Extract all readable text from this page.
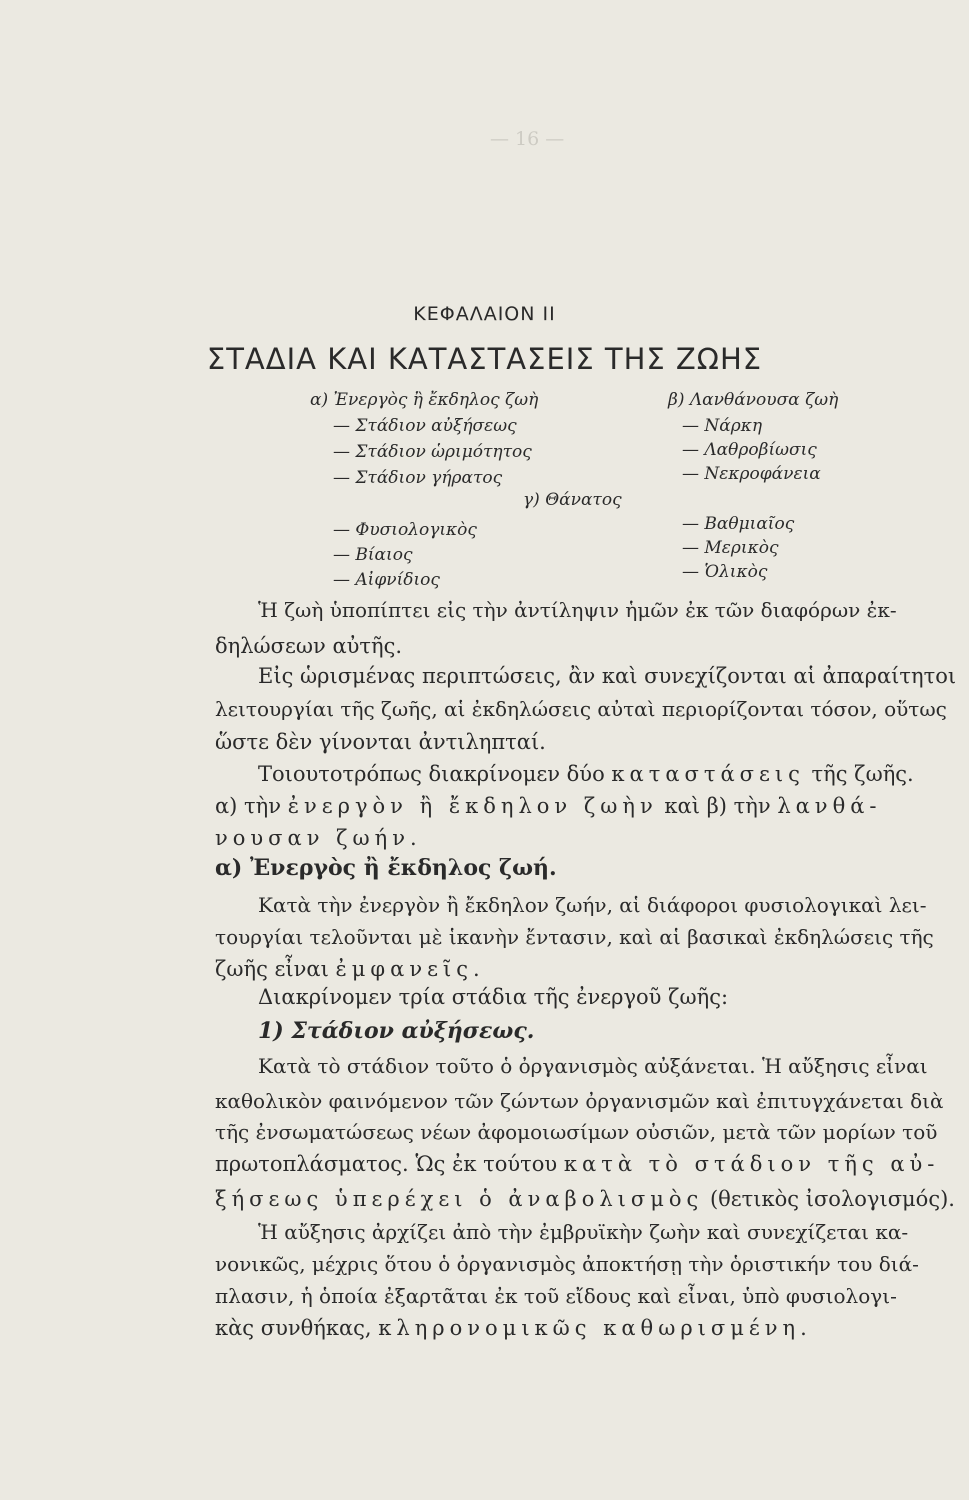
— 16 —
ΚΕΦΑΛΑΙΟΝ ΙΙ
ΣΤΑΔΙΑ ΚΑΙ ΚΑΤΑΣΤΑΣΕΙΣ ΤΗΣ ΖΩΗΣ
α) Ἐνεργὸς ἢ ἔκδηλος ζωὴ
— Στάδιον αὐξήσεως
— Στάδιον ὡριμότητος
— Στάδιον γήρατος
β) Λανθάνουσα ζωὴ
— Νάρκη
— Λαθροβίωσις
— Νεκροφάνεια
γ) Θάνατος
— Φυσιολογικὸς
— Βίαιος
— Αἰφνίδιος
— Βαθμιαῖος
— Μερικὸς
— Ὁλικὸς
Ἡ ζωὴ ὑποπίπτει εἰς τὴν ἀντίληψιν ἡμῶν ἐκ τῶν διαφόρων ἐκ-
δηλώσεων αὐτῆς.
Εἰς ὡρισμένας περιπτώσεις, ἂν καὶ συνεχίζονται αἱ ἀπαραίτητοι
λειτουργίαι τῆς ζωῆς, αἱ ἐκδηλώσεις αὐταὶ περιορίζονται τόσον, οὕτως
ὥστε δὲν γίνονται ἀντιληπταί.
Τοιουτοτρόπως διακρίνομεν δύο καταστάσεις τῆς ζωῆς.
α) τὴν ἐνεργὸν ἢ ἔκδηλον ζωὴν καὶ β) τὴν λανθά-
νουσαν ζωήν.
α) Ἐνεργὸς ἢ ἔκδηλος ζωή.
Κατὰ τὴν ἐνεργὸν ἢ ἔκδηλον ζωήν, αἱ διάφοροι φυσιολογικαὶ λει-
τουργίαι τελοῦνται μὲ ἱκανὴν ἔντασιν, καὶ αἱ βασικαὶ ἐκδηλώσεις τῆς
ζωῆς εἶναι ἐμφανεῖς.
Διακρίνομεν τρία στάδια τῆς ἐνεργοῦ ζωῆς:
1) Στάδιον αὐξήσεως.
Κατὰ τὸ στάδιον τοῦτο ὁ ὀργανισμὸς αὐξάνεται. Ἡ αὔξησις εἶναι
καθολικὸν φαινόμενον τῶν ζώντων ὀργανισμῶν καὶ ἐπιτυγχάνεται διὰ
τῆς ἐνσωματώσεως νέων ἀφομοιωσίμων οὐσιῶν, μετὰ τῶν μορίων τοῦ
πρωτοπλάσματος. Ὡς ἐκ τούτου κατὰ τὸ στάδιον τῆς αὐ-
ξήσεως ὑπερέχει ὁ ἀναβολισμὸς (θετικὸς ἰσολογισμός).
Ἡ αὔξησις ἀρχίζει ἀπὸ τὴν ἐμβρυϊκὴν ζωὴν καὶ συνεχίζεται κα-
νονικῶς, μέχρις ὅτου ὁ ὀργανισμὸς ἀποκτήσῃ τὴν ὁριστικήν του διά-
πλασιν, ἡ ὁποία ἐξαρτᾶται ἐκ τοῦ εἴδους καὶ εἶναι, ὑπὸ φυσιολογι-
κὰς συνθήκας, κληρονομικῶς καθωρισμένη.
